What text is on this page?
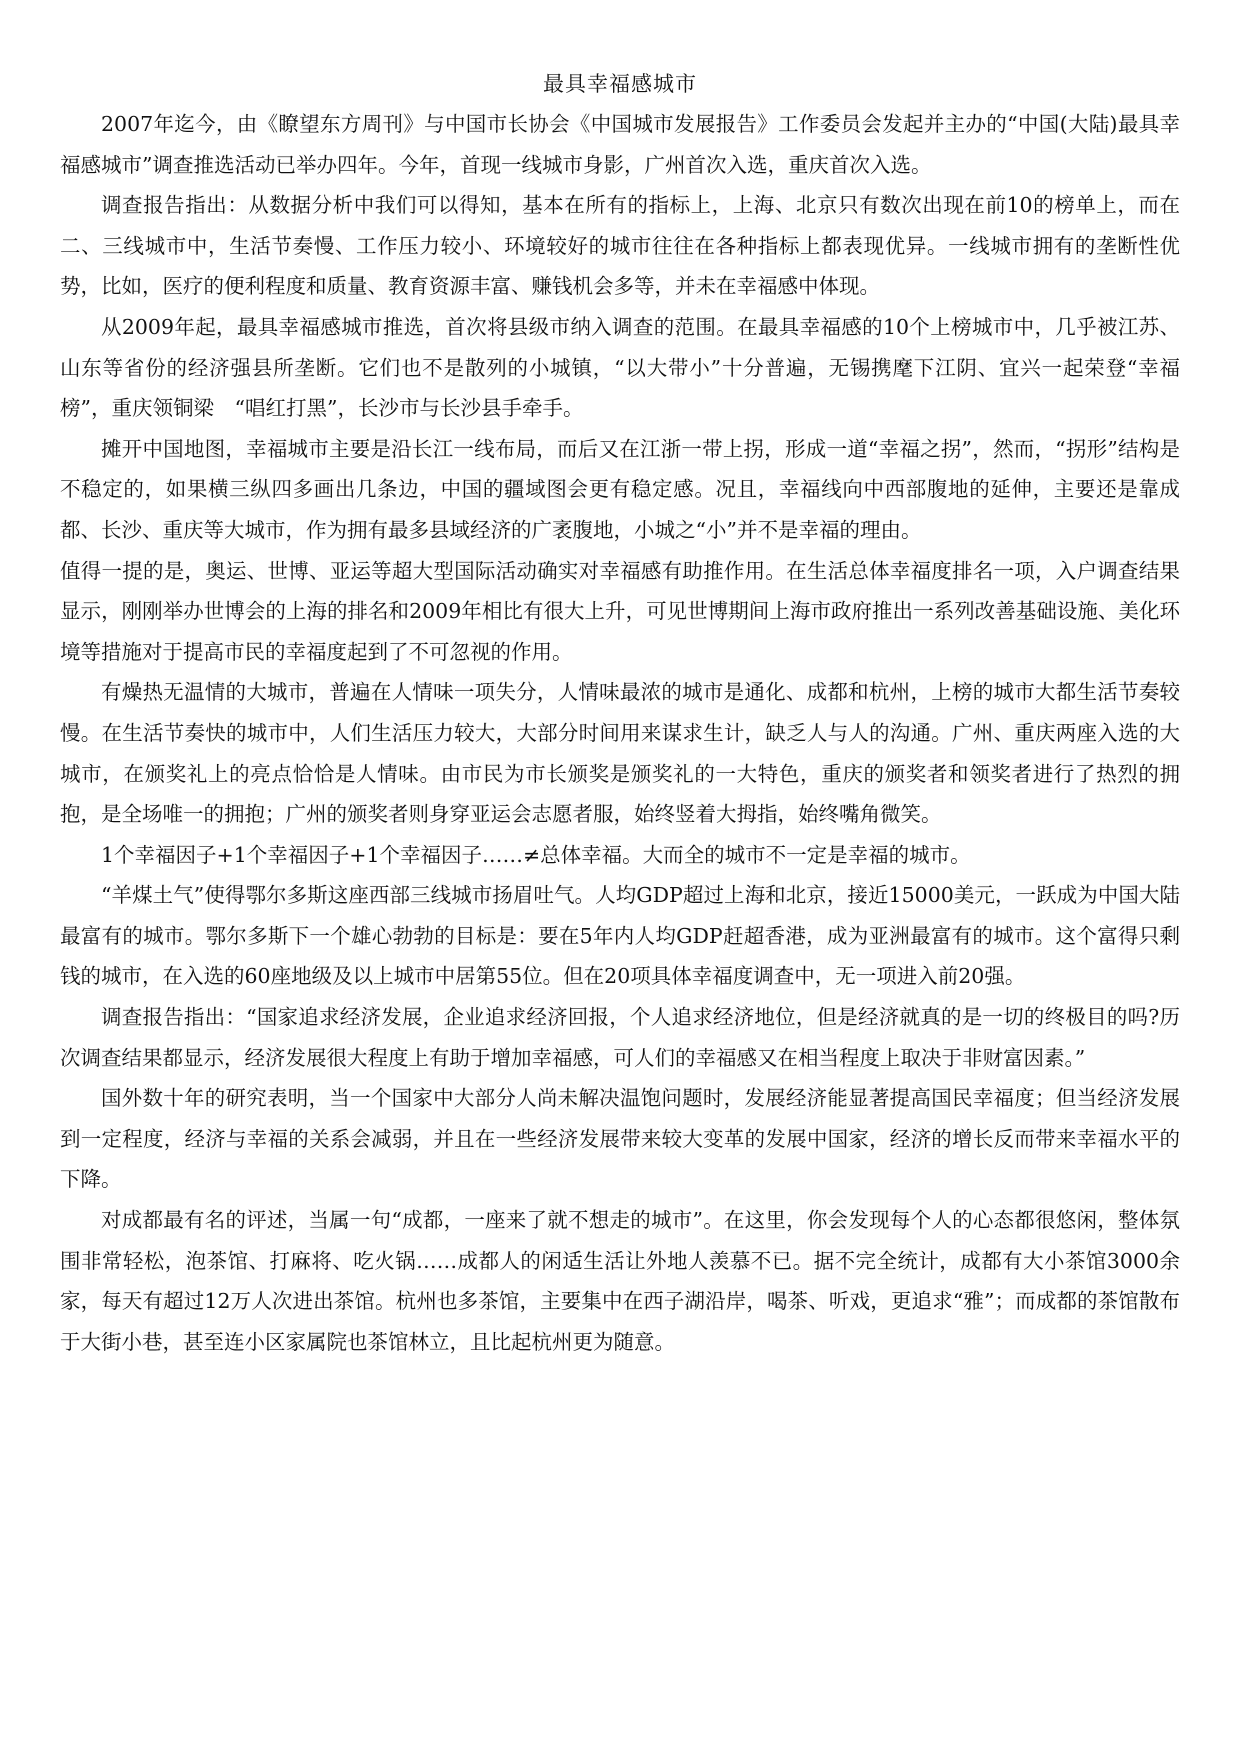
最具幸福感城市

2007年迄今，由《瞭望东方周刊》与中国市长协会《中国城市发展报告》工作委员会发起并主办的“中国(大陆)最具幸福感城市”调查推选活动已举办四年。今年，首现一线城市身影，广州首次入选，重庆首次入选。

调查报告指出：从数据分析中我们可以得知，基本在所有的指标上，上海、北京只有数次出现在前10的榜单上，而在二、三线城市中，生活节奏慢、工作压力较小、环境较好的城市往往在各种指标上都表现优异。一线城市拥有的垄断性优势，比如，医疗的便利程度和质量、教育资源丰富、赚钱机会多等，并未在幸福感中体现。

从2009年起，最具幸福感城市推选，首次将县级市纳入调查的范围。在最具幸福感的10个上榜城市中，几乎被江苏、山东等省份的经济强县所垄断。它们也不是散列的小城镇，“以大带小”十分普遍，无锡携麾下江阴、宜兴一起荣登“幸福榜”，重庆领铜梁　“唱红打黑”，长沙市与长沙县手牵手。

摊开中国地图，幸福城市主要是沿长江一线布局，而后又在江浙一带上拐，形成一道“幸福之拐”，然而，“拐形”结构是不稳定的，如果横三纵四多画出几条边，中国的疆域图会更有稳定感。况且，幸福线向中西部腹地的延伸，主要还是靠成都、长沙、重庆等大城市，作为拥有最多县域经济的广袤腹地，小城之“小”并不是幸福的理由。

值得一提的是，奥运、世博、亚运等超大型国际活动确实对幸福感有助推作用。在生活总体幸福度排名一项，入户调查结果显示，刚刚举办世博会的上海的排名和2009年相比有很大上升，可见世博期间上海市政府推出一系列改善基础设施、美化环境等措施对于提高市民的幸福度起到了不可忽视的作用。

有燥热无温情的大城市，普遍在人情味一项失分，人情味最浓的城市是通化、成都和杭州，上榜的城市大都生活节奏较慢。在生活节奏快的城市中，人们生活压力较大，大部分时间用来谋求生计，缺乏人与人的沟通。广州、重庆两座入选的大城市，在颁奖礼上的亮点恰恰是人情味。由市民为市长颁奖是颁奖礼的一大特色，重庆的颁奖者和领奖者进行了热烈的拥抱，是全场唯一的拥抱；广州的颁奖者则身穿亚运会志愿者服，始终竖着大拇指，始终嘴角微笑。

1个幸福因子+1个幸福因子+1个幸福因子……≠总体幸福。大而全的城市不一定是幸福的城市。

“羊煤土气”使得鄂尔多斯这座西部三线城市扬眉吐气。人均GDP超过上海和北京，接近15000美元，一跃成为中国大陆最富有的城市。鄂尔多斯下一个雄心勃勃的目标是：要在5年内人均GDP赶超香港，成为亚洲最富有的城市。这个富得只剩钱的城市，在入选的60座地级及以上城市中居第55位。但在20项具体幸福度调查中，无一项进入前20强。

调查报告指出：“国家追求经济发展，企业追求经济回报，个人追求经济地位，但是经济就真的是一切的终极目的吗?历次调查结果都显示，经济发展很大程度上有助于增加幸福感，可人们的幸福感又在相当程度上取决于非财富因素。”

国外数十年的研究表明，当一个国家中大部分人尚未解决温饱问题时，发展经济能显著提高国民幸福度；但当经济发展到一定程度，经济与幸福的关系会减弱，并且在一些经济发展带来较大变革的发展中国家，经济的增长反而带来幸福水平的下降。

对成都最有名的评述，当属一句“成都，一座来了就不想走的城市”。在这里，你会发现每个人的心态都很悠闲，整体氛围非常轻松，泡茶馆、打麻将、吃火锅……成都人的闲适生活让外地人羡慕不已。据不完全统计，成都有大小茶馆3000余家，每天有超过12万人次进出茶馆。杭州也多茶馆，主要集中在西子湖沿岸，喝茶、听戏，更追求“雅”；而成都的茶馆散布于大街小巷，甚至连小区家属院也茶馆林立，且比起杭州更为随意。
